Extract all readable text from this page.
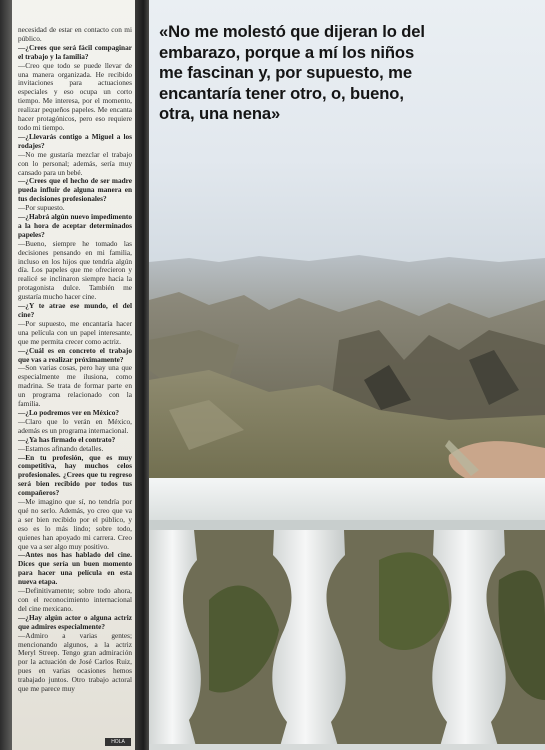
necesidad de estar en contacto con mi público.

—¿Crees que será fácil compaginar el trabajo y la familia?

—Creo que todo se puede llevar de una manera organizada. He recibido invitaciones para actuaciones especiales y eso ocupa un corto tiempo. Me interesa, por el momento, realizar pequeños papeles. Me encanta hacer protagónicos, pero eso requiere todo mi tiempo.

—¿Llevarás contigo a Miguel a los rodajes?

—No me gustaría mezclar el trabajo con lo personal; además, sería muy cansado para un bebé.

—¿Crees que el hecho de ser madre pueda influir de alguna manera en tus decisiones profesionales?

—Por supuesto.

—¿Habrá algún nuevo impedimento a la hora de aceptar determinados papeles?

—Bueno, siempre he tomado las decisiones pensando en mi familia, incluso en los hijos que tendría algún día. Los papeles que me ofrecieron y realicé se inclinaron siempre hacia la protagonista dulce. También me gustaría mucho hacer cine.

—¿Y te atrae ese mundo, el del cine?

—Por supuesto, me encantaría hacer una película con un papel interesante, que me permita crecer como actriz.

—¿Cuál es en concreto el trabajo que vas a realizar próximamente?

—Son varias cosas, pero hay una que especialmente me ilusiona, como madrina. Se trata de formar parte en un programa relacionado con la familia.

—¿Lo podremos ver en México?

—Claro que lo verán en México, además es un programa internacional.

—¿Ya has firmado el contrato?

—Estamos afinando detalles.

—En tu profesión, que es muy competitiva, hay muchos celos profesionales. ¿Crees que tu regreso será bien recibido por todos tus compañeros?

—Me imagino que sí, no tendría por qué no serlo. Además, yo creo que va a ser bien recibido por el público, y eso es lo más lindo; sobre todo, quienes han apoyado mi carrera. Creo que va a ser algo muy positivo.

—Antes nos has hablado del cine. Dices que sería un buen momento para hacer una película en esta nueva etapa.

—Definitivamente; sobre todo ahora, con el reconocimiento internacional del cine mexicano.

—¿Hay algún actor o alguna actriz que admires especialmente?

—Admiro a varias gentes; mencionando algunos, a la actriz Meryl Streep. Tengo gran admiración por la actuación de José Carlos Ruiz, pues en varias ocasiones hemos trabajado juntos. Otro trabajo actoral que me parece muy

HOLA
«No me molestó que dijeran lo del embarazo, porque a mí los niños me fascinan y, por supuesto, me encantaría tener otro, o, bueno, otra, una nena»
